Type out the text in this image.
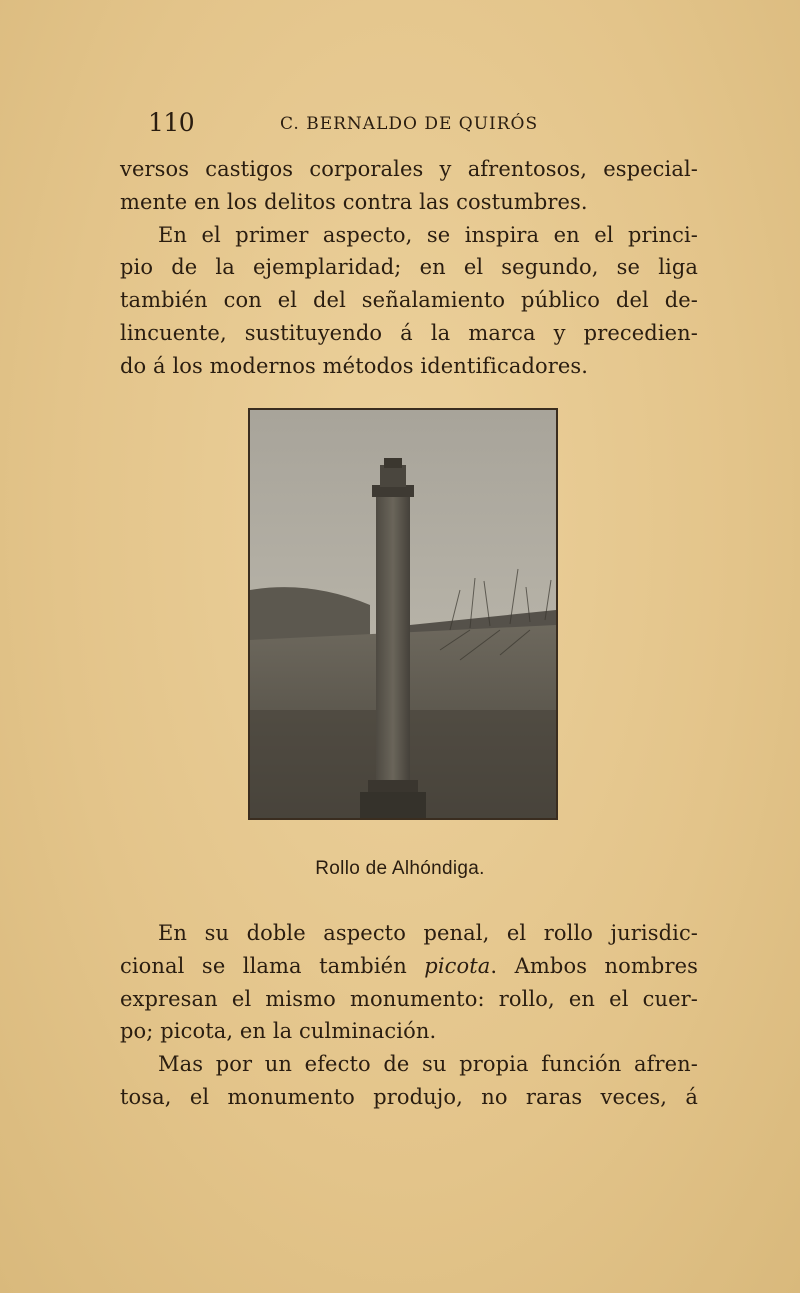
110	C. BERNALDO DE QUIRÓS
versos castigos corporales y afrentosos, especial-
mente en los delitos contra las costumbres.
En el primer aspecto, se inspira en el princi-
pio de la ejemplaridad; en el segundo, se liga
también con el del señalamiento público del de-
lincuente, sustituyendo á la marca y precedien-
do á los modernos métodos identificadores.
Rollo de Alhóndiga.
En su doble aspecto penal, el rollo jurisdic-
cional se llama también picota. Ambos nombres
expresan el mismo monumento: rollo, en el cuer-
po; picota, en la culminación.
Mas por un efecto de su propia función afren-
tosa, el monumento produjo, no raras veces, á
